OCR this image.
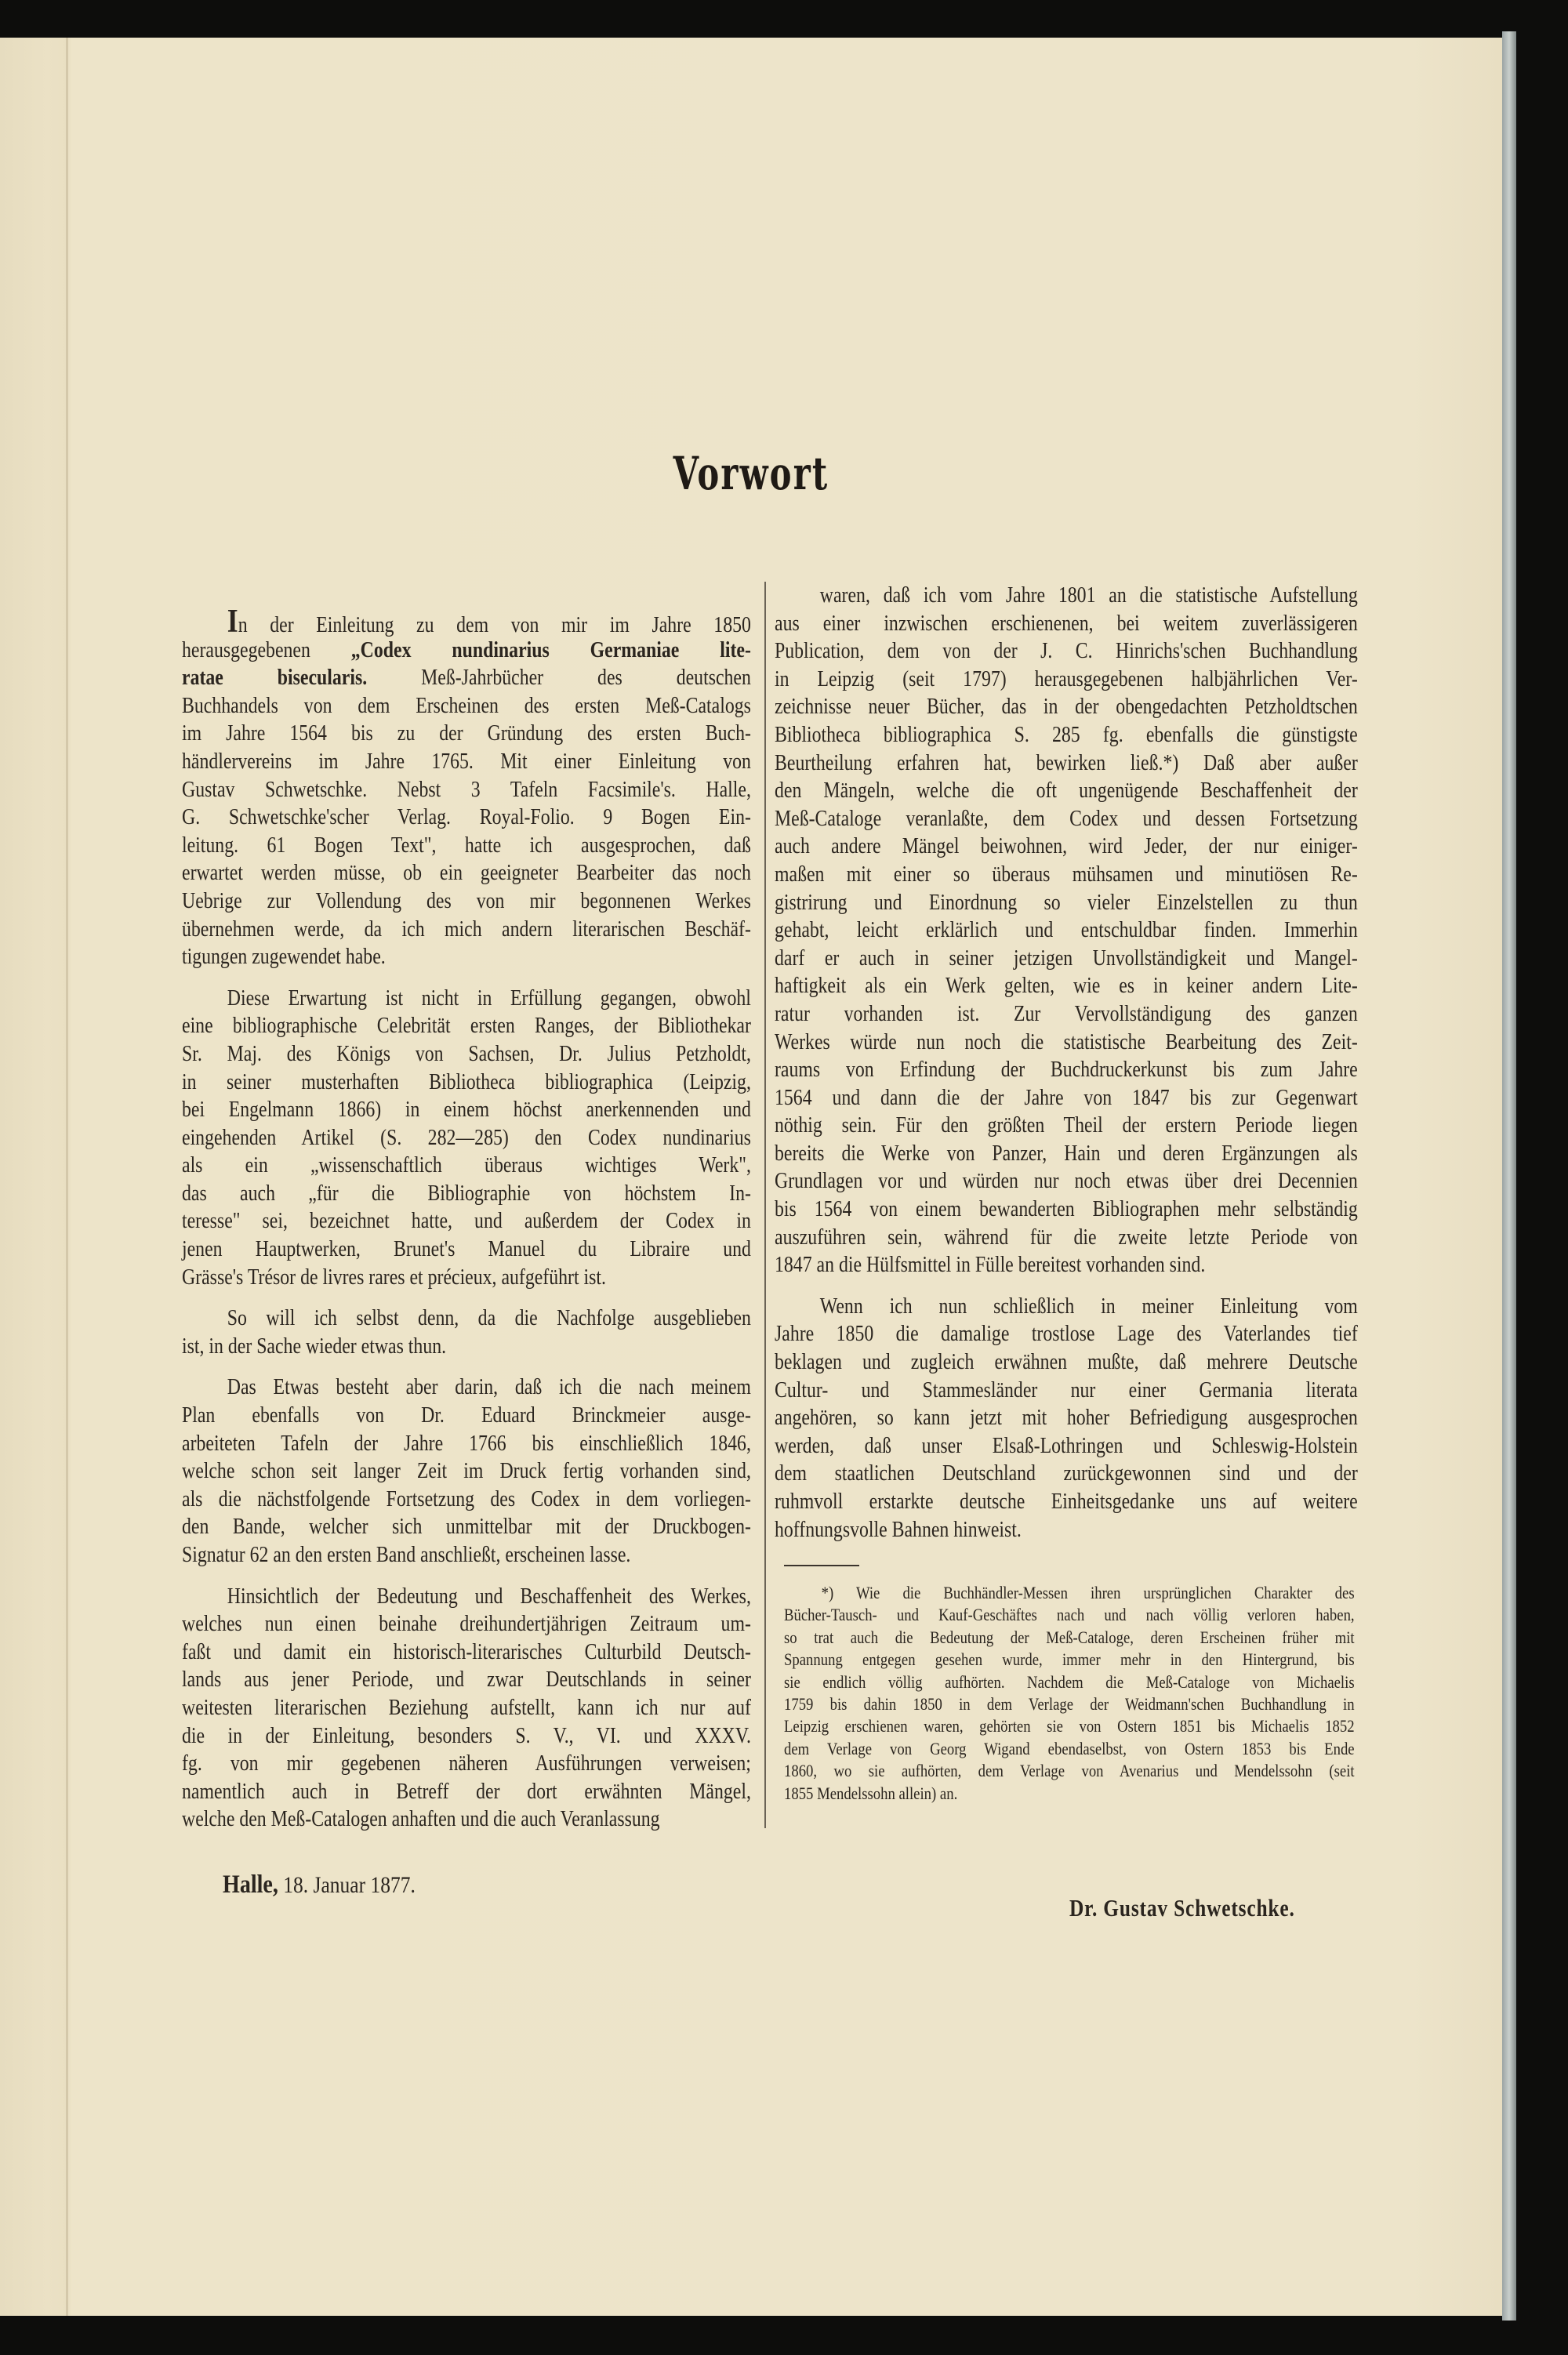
Vorwort
In der Einleitung zu dem von mir im Jahre 1850
herausgegebenen „Codex nundinarius Germaniae lite-
ratae bisecularis. Meß-Jahrbücher des deutschen
Buchhandels von dem Erscheinen des ersten Meß-Catalogs
im Jahre 1564 bis zu der Gründung des ersten Buch-
händlervereins im Jahre 1765. Mit einer Einleitung von
Gustav Schwetschke. Nebst 3 Tafeln Facsimile's. Halle,
G. Schwetschke'scher Verlag. Royal-Folio. 9 Bogen Ein-
leitung. 61 Bogen Text", hatte ich ausgesprochen, daß
erwartet werden müsse, ob ein geeigneter Bearbeiter das noch
Uebrige zur Vollendung des von mir begonnenen Werkes
übernehmen werde, da ich mich andern literarischen Beschäf-
tigungen zugewendet habe.
Diese Erwartung ist nicht in Erfüllung gegangen, obwohl
eine bibliographische Celebrität ersten Ranges, der Bibliothekar
Sr. Maj. des Königs von Sachsen, Dr. Julius Petzholdt,
in seiner musterhaften Bibliotheca bibliographica (Leipzig,
bei Engelmann 1866) in einem höchst anerkennenden und
eingehenden Artikel (S. 282—285) den Codex nundinarius
als ein „wissenschaftlich überaus wichtiges Werk",
das auch „für die Bibliographie von höchstem In-
teresse" sei, bezeichnet hatte, und außerdem der Codex in
jenen Hauptwerken, Brunet's Manuel du Libraire und
Grässe's Trésor de livres rares et précieux, aufgeführt ist.
So will ich selbst denn, da die Nachfolge ausgeblieben
ist, in der Sache wieder etwas thun.
Das Etwas besteht aber darin, daß ich die nach meinem
Plan ebenfalls von Dr. Eduard Brinckmeier ausge-
arbeiteten Tafeln der Jahre 1766 bis einschließlich 1846,
welche schon seit langer Zeit im Druck fertig vorhanden sind,
als die nächstfolgende Fortsetzung des Codex in dem vorliegen-
den Bande, welcher sich unmittelbar mit der Druckbogen-
Signatur 62 an den ersten Band anschließt, erscheinen lasse.
Hinsichtlich der Bedeutung und Beschaffenheit des Werkes,
welches nun einen beinahe dreihundertjährigen Zeitraum um-
faßt und damit ein historisch-literarisches Culturbild Deutsch-
lands aus jener Periode, und zwar Deutschlands in seiner
weitesten literarischen Beziehung aufstellt, kann ich nur auf
die in der Einleitung, besonders S. V., VI. und XXXV.
fg. von mir gegebenen näheren Ausführungen verweisen;
namentlich auch in Betreff der dort erwähnten Mängel,
welche den Meß-Catalogen anhaften und die auch Veranlassung
waren, daß ich vom Jahre 1801 an die statistische Aufstellung
aus einer inzwischen erschienenen, bei weitem zuverlässigeren
Publication, dem von der J. C. Hinrichs'schen Buchhandlung
in Leipzig (seit 1797) herausgegebenen halbjährlichen Ver-
zeichnisse neuer Bücher, das in der obengedachten Petzholdtschen
Bibliotheca bibliographica S. 285 fg. ebenfalls die günstigste
Beurtheilung erfahren hat, bewirken ließ.*) Daß aber außer
den Mängeln, welche die oft ungenügende Beschaffenheit der
Meß-Cataloge veranlaßte, dem Codex und dessen Fortsetzung
auch andere Mängel beiwohnen, wird Jeder, der nur einiger-
maßen mit einer so überaus mühsamen und minutiösen Re-
gistrirung und Einordnung so vieler Einzelstellen zu thun
gehabt, leicht erklärlich und entschuldbar finden. Immerhin
darf er auch in seiner jetzigen Unvollständigkeit und Mangel-
haftigkeit als ein Werk gelten, wie es in keiner andern Lite-
ratur vorhanden ist. Zur Vervollständigung des ganzen
Werkes würde nun noch die statistische Bearbeitung des Zeit-
raums von Erfindung der Buchdruckerkunst bis zum Jahre
1564 und dann die der Jahre von 1847 bis zur Gegenwart
nöthig sein. Für den größten Theil der erstern Periode liegen
bereits die Werke von Panzer, Hain und deren Ergänzungen als
Grundlagen vor und würden nur noch etwas über drei Decennien
bis 1564 von einem bewanderten Bibliographen mehr selbständig
auszuführen sein, während für die zweite letzte Periode von
1847 an die Hülfsmittel in Fülle bereitest vorhanden sind.
Wenn ich nun schließlich in meiner Einleitung vom
Jahre 1850 die damalige trostlose Lage des Vaterlandes tief
beklagen und zugleich erwähnen mußte, daß mehrere Deutsche
Cultur- und Stammesländer nur einer Germania literata
angehören, so kann jetzt mit hoher Befriedigung ausgesprochen
werden, daß unser Elsaß-Lothringen und Schleswig-Holstein
dem staatlichen Deutschland zurückgewonnen sind und der
ruhmvoll erstarkte deutsche Einheitsgedanke uns auf weitere
hoffnungsvolle Bahnen hinweist.
*) Wie die Buchhändler-Messen ihren ursprünglichen Charakter des
Bücher-Tausch- und Kauf-Geschäftes nach und nach völlig verloren haben,
so trat auch die Bedeutung der Meß-Cataloge, deren Erscheinen früher mit
Spannung entgegen gesehen wurde, immer mehr in den Hintergrund, bis
sie endlich völlig aufhörten. Nachdem die Meß-Cataloge von Michaelis
1759 bis dahin 1850 in dem Verlage der Weidmann'schen Buchhandlung in
Leipzig erschienen waren, gehörten sie von Ostern 1851 bis Michaelis 1852
dem Verlage von Georg Wigand ebendaselbst, von Ostern 1853 bis Ende
1860, wo sie aufhörten, dem Verlage von Avenarius und Mendelssohn (seit
1855 Mendelssohn allein) an.
Halle, 18. Januar 1877.
Dr. Gustav Schwetschke.
